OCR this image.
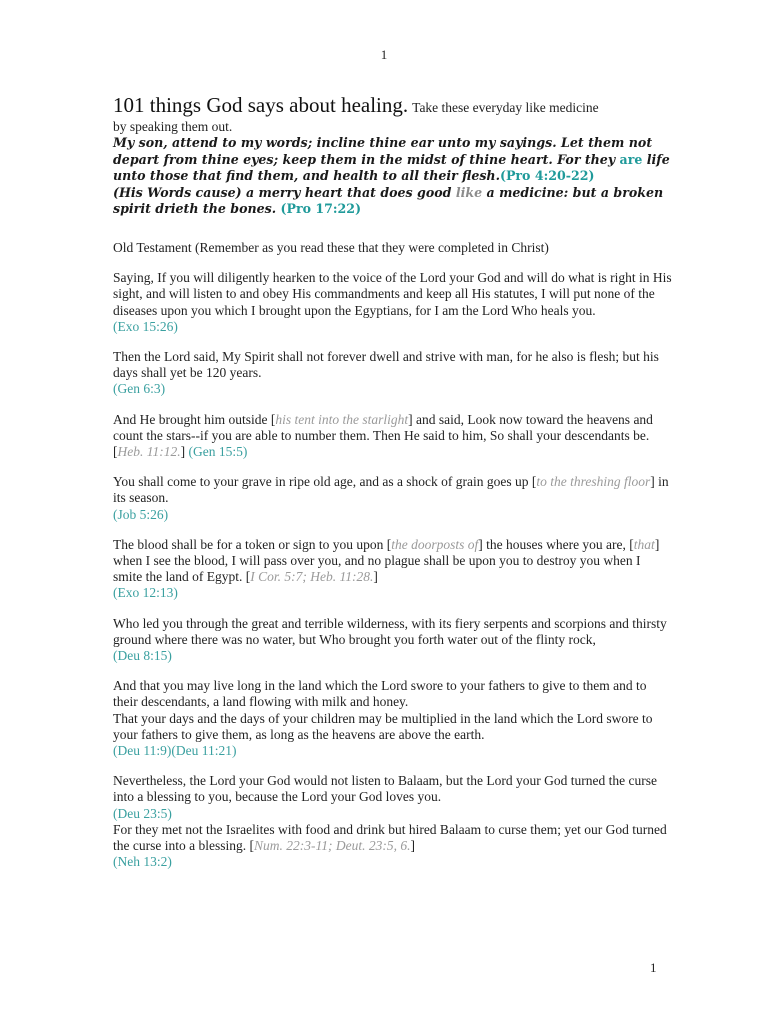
1

101 things God says about healing. Take these everyday like medicine

by speaking them out.

My son, attend to my words; incline thine ear unto my sayings. Let them not depart from thine eyes; keep them in the midst of thine heart. For they are life unto those that find them, and health to all their flesh.(Pro 4:20-22)

(His Words cause) a merry heart that does good like a medicine: but a broken spirit drieth the bones. (Pro 17:22)

Old Testament (Remember as you read these that they were completed in Christ)

Saying, If you will diligently hearken to the voice of the Lord your God and will do what is right in His sight, and will listen to and obey His commandments and keep all His statutes, I will put none of the diseases upon you which I brought upon the Egyptians, for I am the Lord Who heals you.

(Exo 15:26)

Then the Lord said, My Spirit shall not forever dwell and strive with man, for he also is flesh; but his days shall yet be 120 years.

(Gen 6:3)

And He brought him outside [his tent into the starlight] and said, Look now toward the heavens and count the stars--if you are able to number them. Then He said to him, So shall your descendants be. [Heb. 11:12.] (Gen 15:5)

You shall come to your grave in ripe old age, and as a shock of grain goes up [to the threshing floor] in its season.

(Job 5:26)

The blood shall be for a token or sign to you upon [the doorposts of] the houses where you are, [that] when I see the blood, I will pass over you, and no plague shall be upon you to destroy you when I smite the land of Egypt. [I Cor. 5:7; Heb. 11:28.]

(Exo 12:13)

Who led you through the great and terrible wilderness, with its fiery serpents and scorpions and thirsty ground where there was no water, but Who brought you forth water out of the flinty rock,

(Deu 8:15)

And that you may live long in the land which the Lord swore to your fathers to give to them and to their descendants, a land flowing with milk and honey.

That your days and the days of your children may be multiplied in the land which the Lord swore to your fathers to give them, as long as the heavens are above the earth.

(Deu 11:9)(Deu 11:21)

Nevertheless, the Lord your God would not listen to Balaam, but the Lord your God turned the curse into a blessing to you, because the Lord your God loves you.

(Deu 23:5)

For they met not the Israelites with food and drink but hired Balaam to curse them; yet our God turned the curse into a blessing. [Num. 22:3-11; Deut. 23:5, 6.]

(Neh 13:2)

1
